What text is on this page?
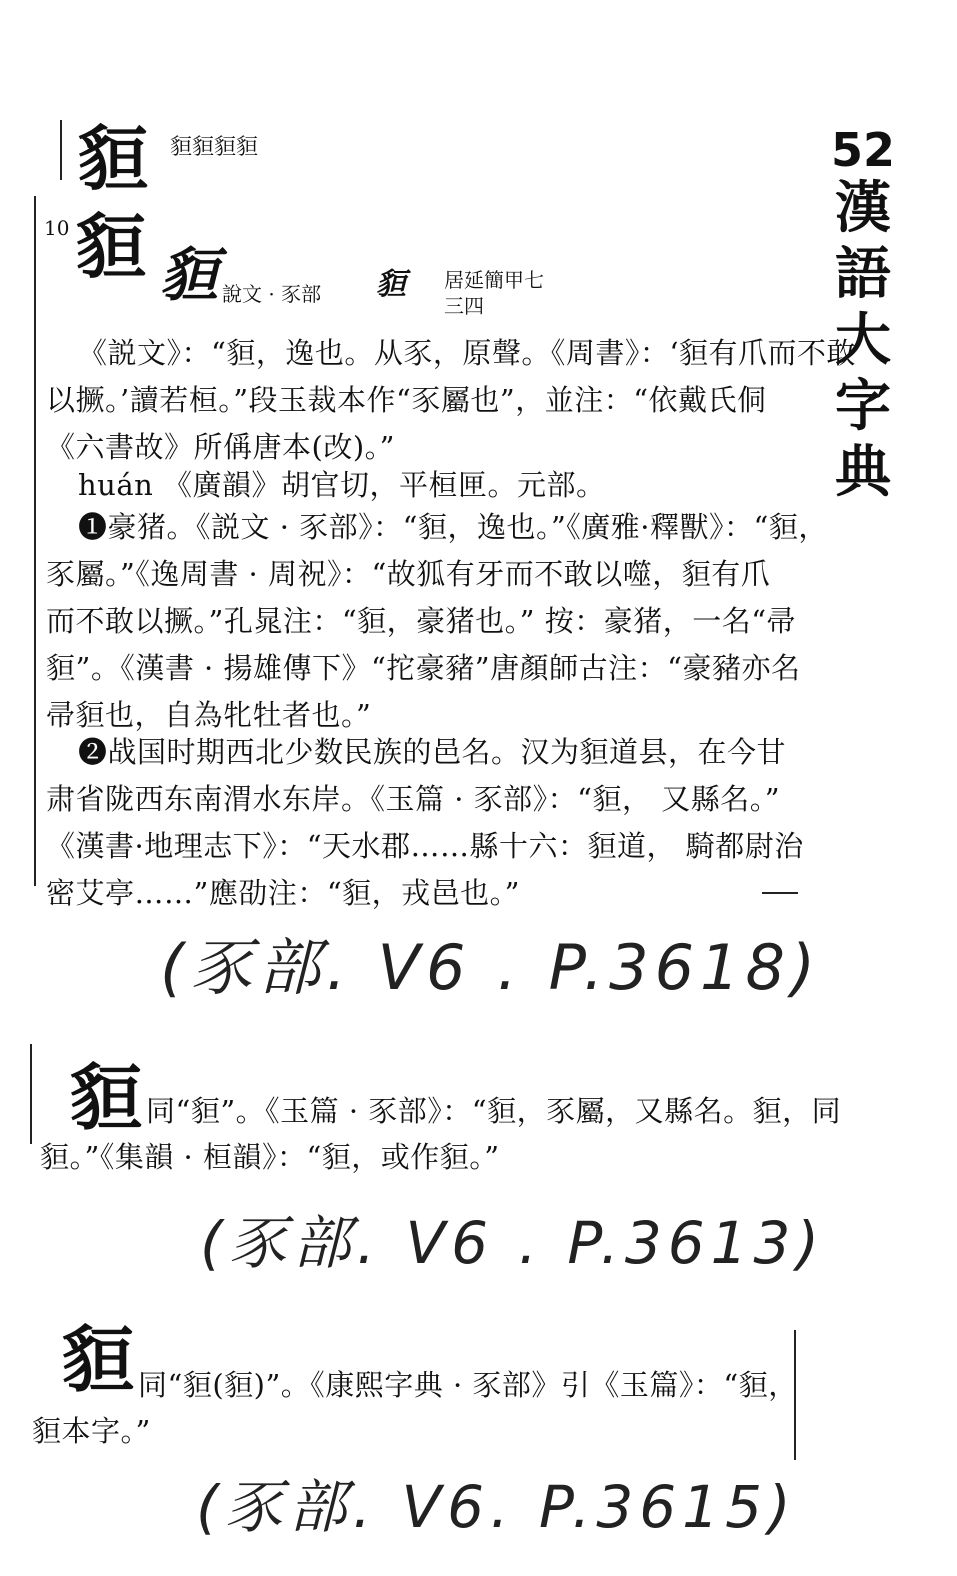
52
漢
語
大
字
典
貆 貆貆貆貆
10 貆 貆 說文 · 豕部 貆 居延簡甲七
三四
《説文》：“貆，逸也。从豕，原聲。《周書》：‘貆有爪而不敢
以撅。’讀若桓。”段玉裁本作“豕屬也”，並注：“依戴氏侗
《六書故》所偁唐本(改)。”
huán 《廣韻》胡官切，平桓匣。元部。
❶豪猪。《説文 · 豕部》：“貆，逸也。”《廣雅·釋獸》：“貆，
豕屬。”《逸周書 · 周祝》：“故狐有牙而不敢以噬，貆有爪
而不敢以撅。”孔晁注：“貆，豪猪也。” 按：豪猪，一名“帚
貆”。《漢書 · 揚雄傳下》“拕豪豬”唐顏師古注：“豪豬亦名
帚貆也，自為牝牡者也。”
❷战国时期西北少数民族的邑名。汉为貆道县，在今甘
肃省陇西东南渭水东岸。《玉篇 · 豕部》：“貆， 又縣名。”
《漢書·地理志下》：“天水郡……縣十六：貆道， 騎都尉治
密艾亭……”應劭注：“貆，戎邑也。”
(豕部. V6 . P.3618)
貆 同“貆”。《玉篇 · 豕部》：“貆，豕屬，又縣名。貆，同
貆。”《集韻 · 桓韻》：“貆，或作貆。”
(豕部. V6 . P.3613)
貆 同“貆(貆)”。《康熙字典 · 豕部》引《玉篇》：“貆，
貆本字。”
(豕部. V6. P.3615)
